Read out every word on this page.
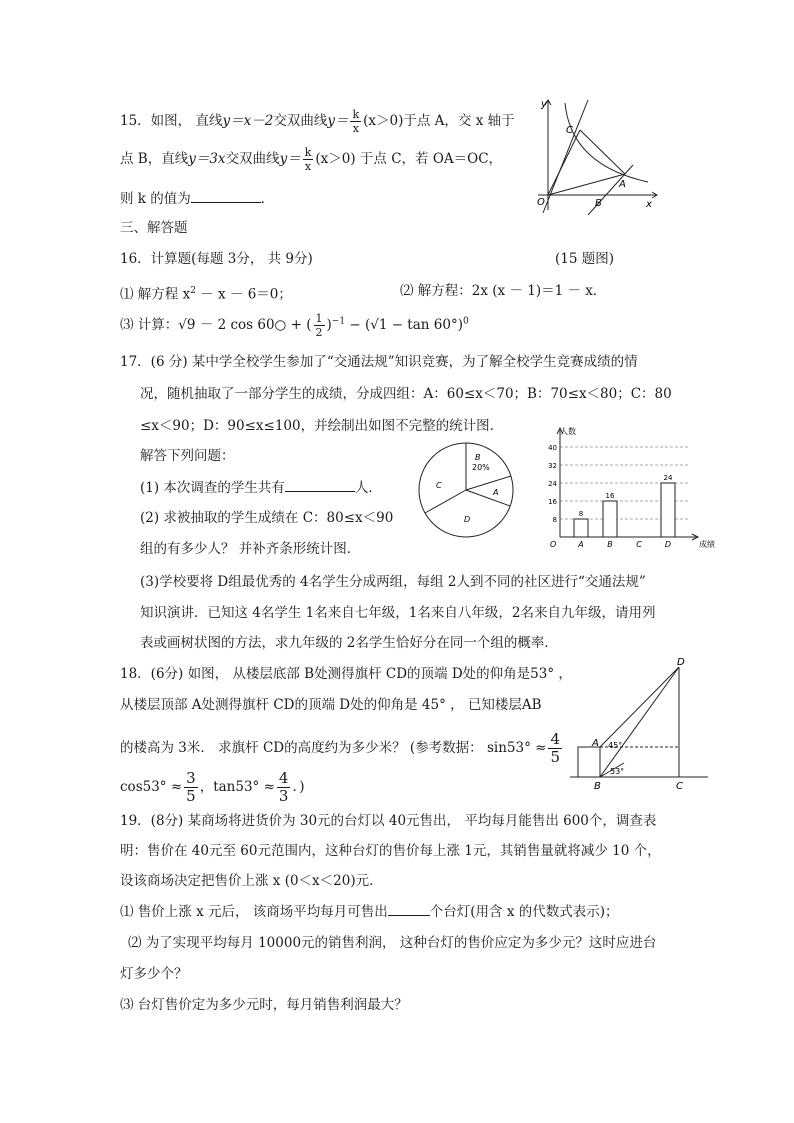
15．如图， 直线y＝x－2交双曲线$y= \frac{k}{x} (x>0)$于点 A，交 x 轴于
点 B，直线y＝3x交双曲线$y= \frac{k}{x} (x>0)$ 于点 C，若 OA＝OC，
则 k 的值为	．
y
x
C
A
O	B
三、解答题
16．计算题(每题 3分， 共 9分)	(15 题图)
⑴ 解方程 $x^2 - x - 6=0$；	⑵ 解方程：2x (x － 1)＝1 － x．
⑶ 计算：√9 － 2 cos 60○ + ( $\frac{1}{2} )^{-1} - (√1 - \tan 60^\circ)^0$
17．(6 分) 某中学全校学生参加了“交通法规”知识竞赛，为了解全校学生竞赛成绩的情
况，随机抽取了一部分学生的成绩，分成四组：A：60≤x＜70；B：70≤x＜80；C：80
≤x＜90；D：90≤x≤100，并绘制出如图不完整的统计图．
解答下列问题：
(1) 本次调查的学生共有	人．
(2) 求被抽取的学生成绩在 C：80≤x＜90
组的有多少人？ 并补齐条形统计图．
B
20%
A
C
D	8
16
24
32
40
人数
成绩
O
8
A
16
B	C
24
D
(3)学校要将 D组最优秀的 4名学生分成两组，每组 2人到不同的社区进行“交通法规”
知识演讲．已知这 4名学生 1名来自七年级，1名来自八年级，2名来自九年级，请用列
表或画树状图的方法，求九年级的 2名学生恰好分在同一个组的概率．
18．(6分) 如图， 从楼层底部 B处测得旗杆 CD的顶端 D处的仰角是53° ，
从楼层顶部 A处测得旗杆 CD的顶端 D处的仰角是 45° ， 已知楼层AB
的楼高为 3米． 求旗杆 CD的高度约为多少米？ (参考数据： $\sin 53^\circ \approx \frac{4}{5}$
$\cos 53^\circ \approx \frac{3}{5}$ ，$\tan 53^\circ \approx \frac{4}{3}$ ．)
D
A
B	C
45°
53°
19．(8分) 某商场将进货价为 30元的台灯以 40元售出， 平均每月能售出 600个，调查表
明：售价在 40元至 60元范围内，这种台灯的售价每上涨 1元，其销售量就将减少 10 个，
设该商场决定把售价上涨 x (0＜x＜20)元．
⑴ 售价上涨 x 元后， 该商场平均每月可售出	个台灯(用含 x 的代数式表示)；
⑵ 为了实现平均每月 10000元的销售利润， 这种台灯的售价应定为多少元？这时应进台
灯多少个？
⑶ 台灯售价定为多少元时，每月销售利润最大？
